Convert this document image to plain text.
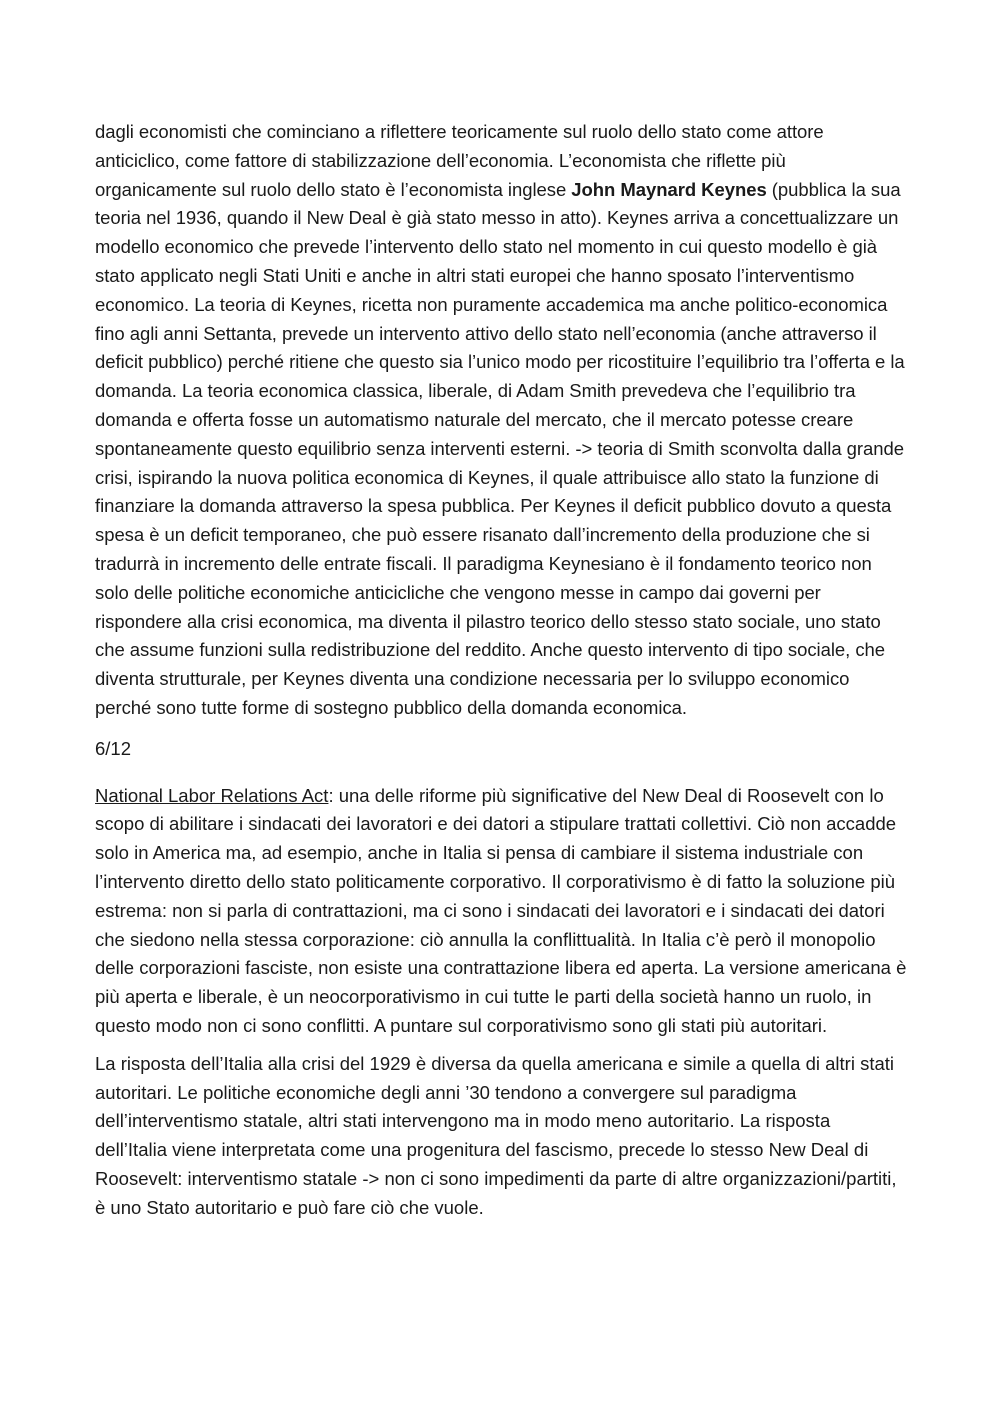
dagli economisti che cominciano a riflettere teoricamente sul ruolo dello stato come attore anticiclico, come fattore di stabilizzazione dell’economia. L’economista che riflette più organicamente sul ruolo dello stato è l’economista inglese John Maynard Keynes (pubblica la sua teoria nel 1936, quando il New Deal è già stato messo in atto). Keynes arriva a concettualizzare un modello economico che prevede l’intervento dello stato nel momento in cui questo modello è già stato applicato negli Stati Uniti e anche in altri stati europei che hanno sposato l’interventismo economico. La teoria di Keynes, ricetta non puramente accademica ma anche politico-economica fino agli anni Settanta, prevede un intervento attivo dello stato nell’economia (anche attraverso il deficit pubblico) perché ritiene che questo sia l’unico modo per ricostituire l’equilibrio tra l’offerta e la domanda. La teoria economica classica, liberale, di Adam Smith prevedeva che l’equilibrio tra domanda e offerta fosse un automatismo naturale del mercato, che il mercato potesse creare spontaneamente questo equilibrio senza interventi esterni. -> teoria di Smith sconvolta dalla grande crisi, ispirando la nuova politica economica di Keynes, il quale attribuisce allo stato la funzione di finanziare la domanda attraverso la spesa pubblica. Per Keynes il deficit pubblico dovuto a questa spesa è un deficit temporaneo, che può essere risanato dall’incremento della produzione che si tradurrà in incremento delle entrate fiscali. Il paradigma Keynesiano è il fondamento teorico non solo delle politiche economiche anticicliche che vengono messe in campo dai governi per rispondere alla crisi economica, ma diventa il pilastro teorico dello stesso stato sociale, uno stato che assume funzioni sulla redistribuzione del reddito. Anche questo intervento di tipo sociale, che diventa strutturale, per Keynes diventa una condizione necessaria per lo sviluppo economico perché sono tutte forme di sostegno pubblico della domanda economica.

6/12

National Labor Relations Act: una delle riforme più significative del New Deal di Roosevelt con lo scopo di abilitare i sindacati dei lavoratori e dei datori a stipulare trattati collettivi. Ciò non accadde solo in America ma, ad esempio, anche in Italia si pensa di cambiare il sistema industriale con l’intervento diretto dello stato politicamente corporativo. Il corporativismo è di fatto la soluzione più estrema: non si parla di contrattazioni, ma ci sono i sindacati dei lavoratori e i sindacati dei datori che siedono nella stessa corporazione: ciò annulla la conflittualità. In Italia c’è però il monopolio delle corporazioni fasciste, non esiste una contrattazione libera ed aperta. La versione americana è più aperta e liberale, è un neocorporativismo in cui tutte le parti della società hanno un ruolo, in questo modo non ci sono conflitti. A puntare sul corporativismo sono gli stati più autoritari.

La risposta dell’Italia alla crisi del 1929 è diversa da quella americana e simile a quella di altri stati autoritari. Le politiche economiche degli anni ’30 tendono a convergere sul paradigma dell’interventismo statale, altri stati intervengono ma in modo meno autoritario. La risposta dell’Italia viene interpretata come una progenitura del fascismo, precede lo stesso New Deal di Roosevelt: interventismo statale -> non ci sono impedimenti da parte di altre organizzazioni/partiti, è uno Stato autoritario e può fare ciò che vuole.
